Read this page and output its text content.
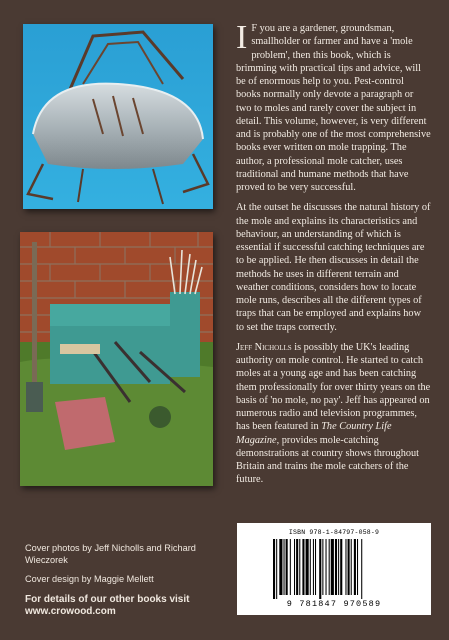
I F you are a gardener, groundsman, smallholder or farmer and have a 'mole problem', then this book, which is brimming with practical tips and advice, will be of enormous help to you. Pest-control books normally only devote a paragraph or two to moles and rarely cover the subject in detail. This volume, however, is very different and is probably one of the most comprehensive books ever written on mole trapping. The author, a professional mole catcher, uses traditional and humane methods that have proved to be very successful.

At the outset he discusses the natural history of the mole and explains its characteristics and behaviour, an understanding of which is essential if successful catching techniques are to be applied. He then discusses in detail the methods he uses in different terrain and weather conditions, considers how to locate mole runs, describes all the different types of traps that can be employed and explains how to set the traps correctly.

Jeff Nicholls is possibly the UK's leading authority on mole control. He started to catch moles at a young age and has been catching them professionally for over thirty years on the basis of 'no mole, no pay'. Jeff has appeared on numerous radio and television programmes, has been featured in The Country Life Magazine, provides mole-catching demonstrations at country shows throughout Britain and trains the mole catchers of the future.

Cover photos by Jeff Nicholls and Richard Wieczorek

Cover design by Maggie Mellett

For details of our other books visit www.crowood.com

ISBN 978-1-84797-058-9
9 781847 970589
